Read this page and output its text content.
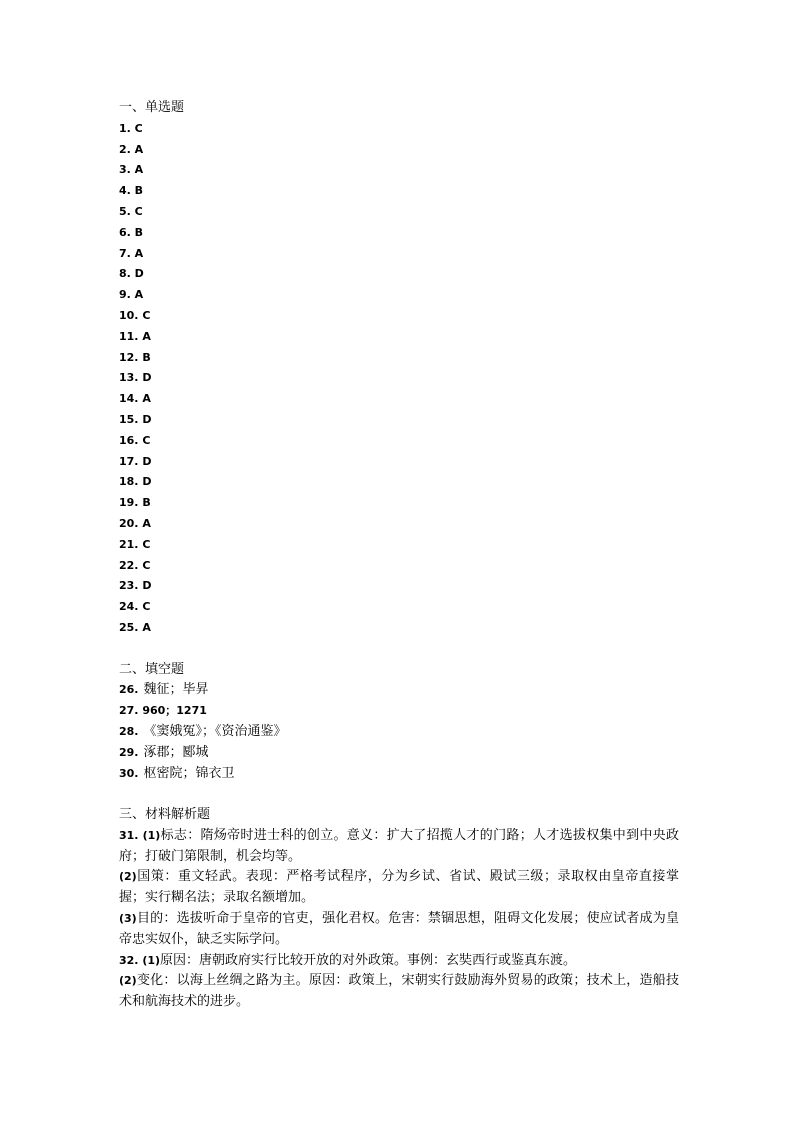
一、单选题
1. C
2. A
3. A
4. B
5. C
6. B
7. A
8. D
9. A
10. C
11. A
12. B
13. D
14. A
15. D
16. C
17. D
18. D
19. B
20. A
21. C
22. C
23. D
24. C
25. A
二、填空题
26. 魏征；毕昇
27. 960；1271
28. 《窦娥冤》；《资治通鉴》
29. 涿郡；郾城
30. 枢密院；锦衣卫
三、材料解析题
31. (1)标志：隋炀帝时进士科的创立。意义：扩大了招揽人才的门路；人才选拔权集中到中央政府；打破门第限制，机会均等。
(2)国策：重文轻武。表现：严格考试程序，分为乡试、省试、殿试三级；录取权由皇帝直接掌握；实行糊名法；录取名额增加。
(3)目的：选拔听命于皇帝的官吏，强化君权。危害：禁锢思想，阻碍文化发展；使应试者成为皇帝忠实奴仆，缺乏实际学问。
32. (1)原因：唐朝政府实行比较开放的对外政策。事例：玄奘西行或鉴真东渡。
(2)变化：以海上丝绸之路为主。原因：政策上，宋朝实行鼓励海外贸易的政策；技术上，造船技术和航海技术的进步。
